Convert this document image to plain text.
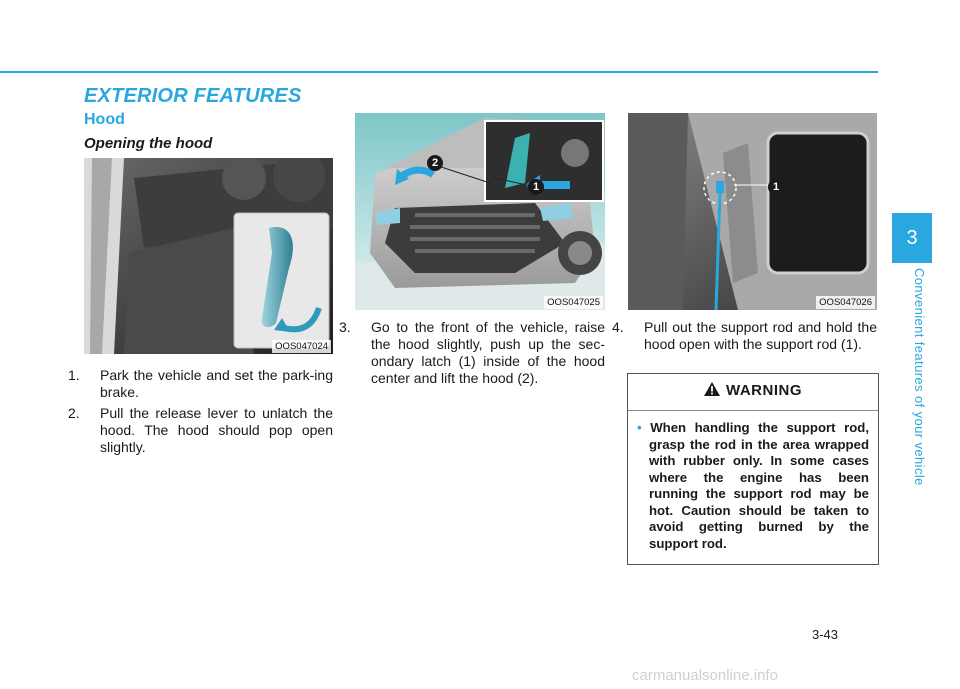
EXTERIOR FEATURES
Hood
Opening the hood
OOS047024
2
1
OOS047025
1
OOS047026

1. Park the vehicle and set the park-ing brake.

2. Pull the release lever to unlatch the hood. The hood should pop open slightly.

3. Go to the front of the vehicle, raise the hood slightly, push up the sec-ondary latch (1) inside of the hood center and lift the hood (2).

4. Pull out the support rod and hold the hood open with the support rod (1).

WARNING

• When handling the support rod, grasp the rod in the area wrapped with rubber only. In some cases where the engine has been running the support rod may be hot. Caution should be taken to avoid getting burned by the support rod.

3
Convenient features of your vehicle
3-43
carmanualsonline.info
